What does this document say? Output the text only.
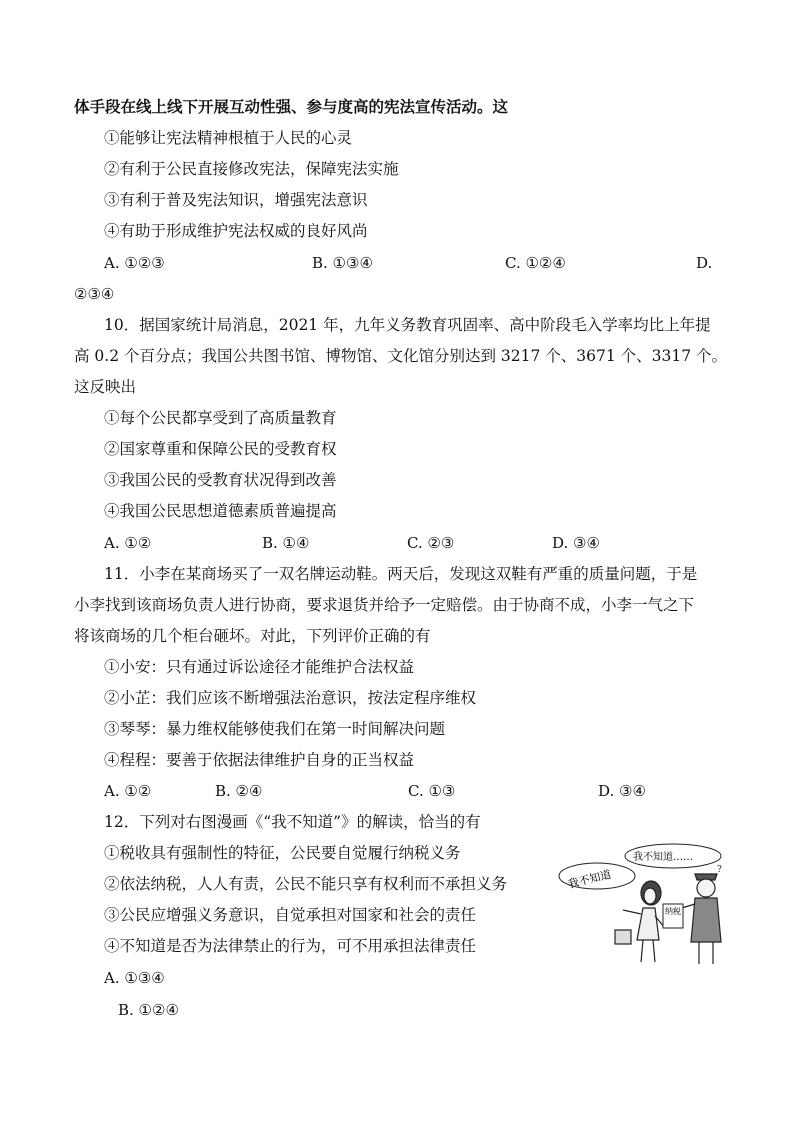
体手段在线上线下开展互动性强、参与度高的宪法宣传活动。这
①能够让宪法精神根植于人民的心灵
②有利于公民直接修改宪法，保障宪法实施
③有利于普及宪法知识，增强宪法意识
④有助于形成维护宪法权威的良好风尚
A. ①②③	B. ①③④	C. ①②④	D.
②③④
10．据国家统计局消息，2021 年，九年义务教育巩固率、高中阶段毛入学率均比上年提
高 0.2 个百分点；我国公共图书馆、博物馆、文化馆分别达到 3217 个、3671 个、3317 个。
这反映出
①每个公民都享受到了高质量教育
②国家尊重和保障公民的受教育权
③我国公民的受教育状况得到改善
④我国公民思想道德素质普遍提高
A. ①②	B. ①④	C. ②③	D. ③④
11．小李在某商场买了一双名牌运动鞋。两天后，发现这双鞋有严重的质量问题，于是
小李找到该商场负责人进行协商，要求退货并给予一定赔偿。由于协商不成，小李一气之下
将该商场的几个柜台砸坏。对此，下列评价正确的有
①小安：只有通过诉讼途径才能维护合法权益
②小芷：我们应该不断增强法治意识，按法定程序维权
③琴琴：暴力维权能够使我们在第一时间解决问题
④程程：要善于依据法律维护自身的正当权益
A. ①②	B. ②④	C. ①③	D. ③④
12．下列对右图漫画《“我不知道”》的解读，恰当的有
①税收具有强制性的特征，公民要自觉履行纳税义务
②依法纳税，人人有责，公民不能只享有权利而不承担义务
③公民应增强义务意识，自觉承担对国家和社会的责任
④不知道是否为法律禁止的行为，可不用承担法律责任
A. ①③④
B. ①②④
我不知道
我不知道……
?
纳税
